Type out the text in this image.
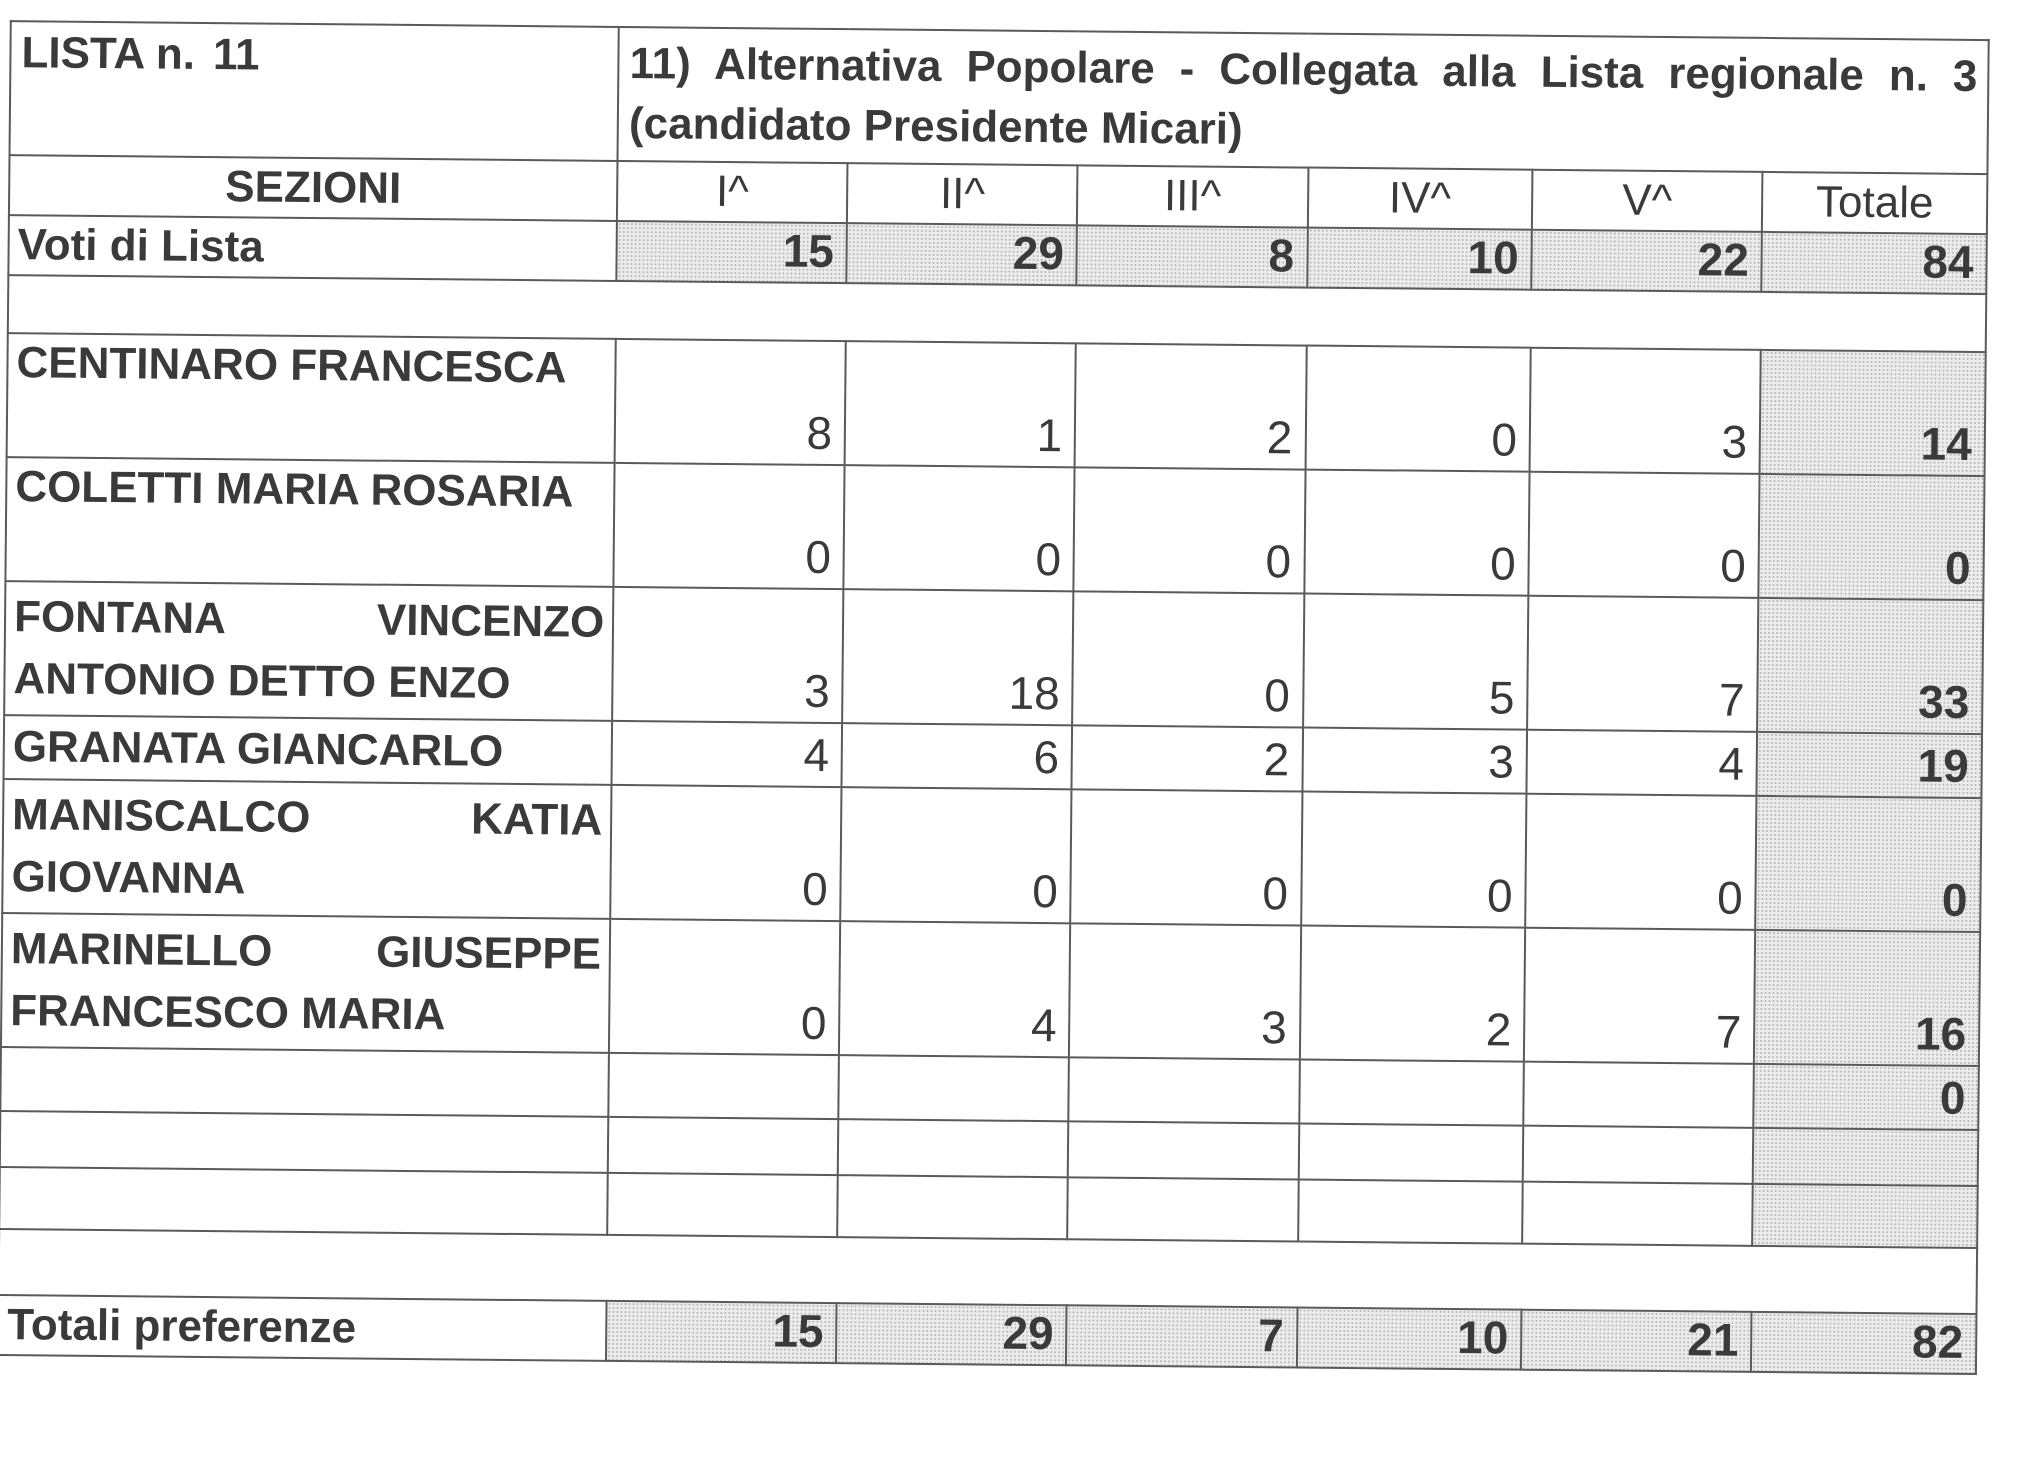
LISTA n. 11	11) Alternativa Popolare - Collegata alla Lista regionale n. 3 (candidato Presidente Micari)					
SEZIONI	I^	II^	III^	IV^	V^	Totale
Voti di Lista	15	29	8	10	22	84

CENTINARO FRANCESCA	8	1	2	0	3	14
COLETTI MARIA ROSARIA	0	0	0	0	0	0
FONTANA VINCENZO ANTONIO DETTO ENZO	3	18	0	5	7	33
GRANATA GIANCARLO	4	6	2	3	4	19
MANISCALCO KATIA GIOVANNA	0	0	0	0	0	0
MARINELLO GIUSEPPE FRANCESCO MARIA	0	4	3	2	7	16
						0

Totali preferenze	15	29	7	10	21	82
